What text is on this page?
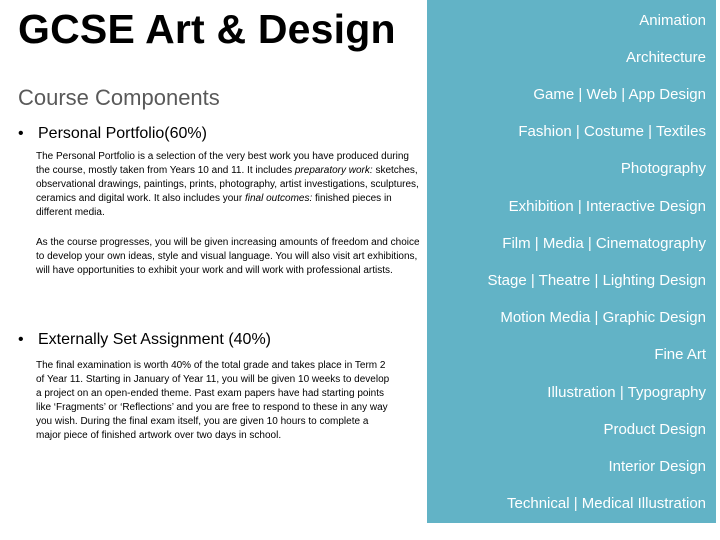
GCSE Art & Design
Course Components
• Personal Portfolio(60%)
The Personal Portfolio is a selection of the very best work you have produced during the course, mostly taken from Years 10 and 11. It includes preparatory work: sketches, observational drawings, paintings, prints, photography, artist investigations, sculptures, ceramics and digital work. It also includes your final outcomes: finished pieces in different media.
As the course progresses, you will be given increasing amounts of freedom and choice to develop your own ideas, style and visual language. You will also visit art exhibitions, will have opportunities to exhibit your work and will work with professional artists.
• Externally Set Assignment (40%)
The final examination is worth 40% of the total grade and takes place in Term 2 of Year 11. Starting in January of Year 11, you will be given 10 weeks to develop a project on an open-ended theme. Past exam papers have had starting points like ‘Fragments’ or ‘Reflections’ and you are free to respond to these in any way you wish. During the final exam itself, you are given 10 hours to complete a major piece of finished artwork over two days in school.
Animation
Architecture
Game | Web | App Design
Fashion | Costume | Textiles
Photography
Exhibition | Interactive Design
Film | Media | Cinematography
Stage | Theatre | Lighting Design
Motion Media | Graphic Design
Fine Art
Illustration | Typography
Product Design
Interior Design
Technical | Medical Illustration
